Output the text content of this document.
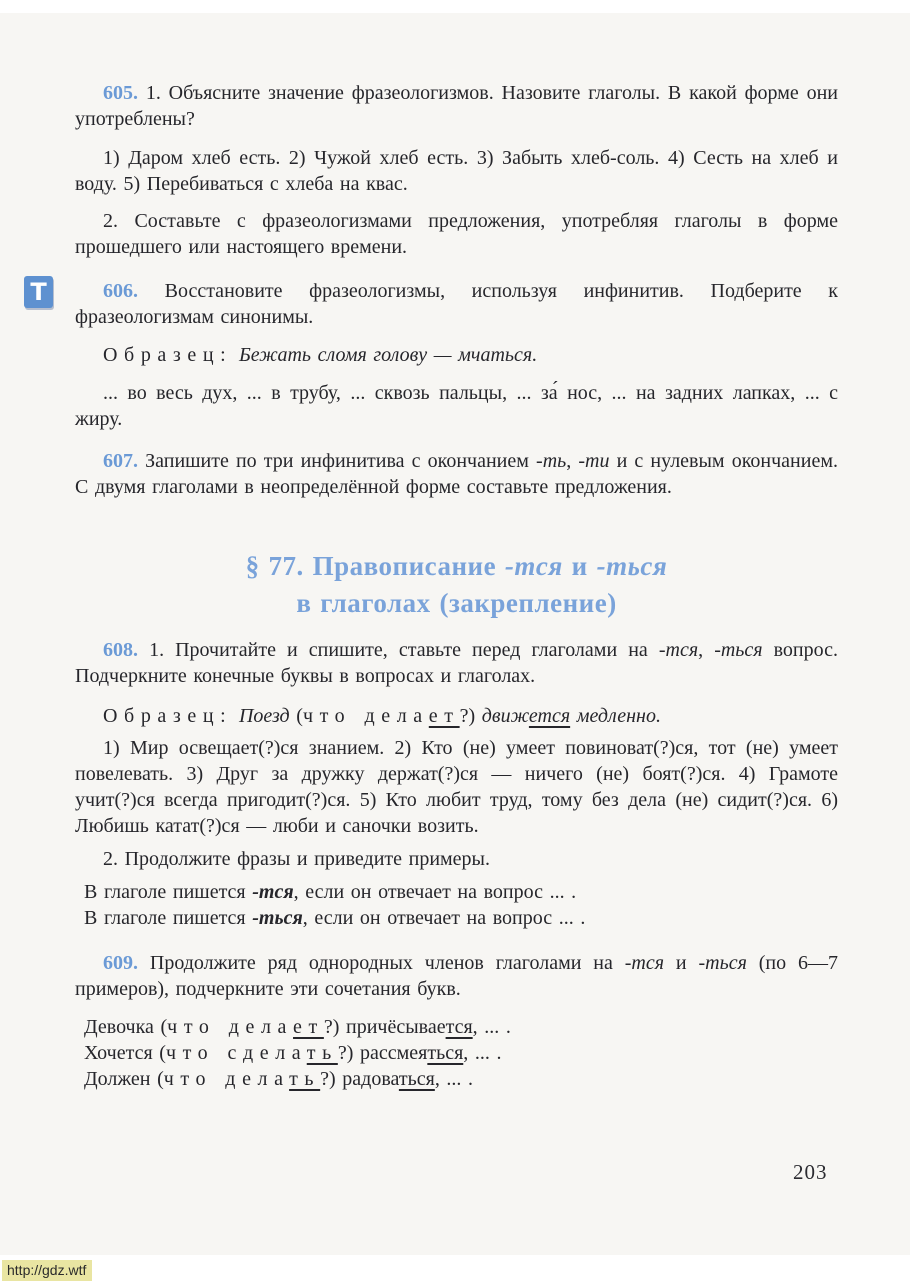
Т

605. 1. Объясните значение фразеологизмов. Назовите глаголы. В какой форме они употреблены?

1) Даром хлеб есть. 2) Чужой хлеб есть. 3) Забыть хлеб-соль. 4) Сесть на хлеб и воду. 5) Перебиваться с хлеба на квас.

2. Составьте с фразеологизмами предложения, употребляя глаголы в форме прошедшего или настоящего времени.

606. Восстановите фразеологизмы, используя инфинитив. Подберите к фразеологизмам синонимы.

Образец: Бежать сломя голову — мчаться.

... во весь дух, ... в трубу, ... сквозь пальцы, ... за́ нос, ... на задних лапках, ... с жиру.

607. Запишите по три инфинитива с окончанием -ть, -ти и с нулевым окончанием. С двумя глаголами в неопределённой форме составьте предложения.

§ 77. Правописание -тся и -ться
в глаголах (закрепление)

608. 1. Прочитайте и спишите, ставьте перед глаголами на -тся, -ться вопрос. Подчеркните конечные буквы в вопросах и глаголах.

Образец: Поезд (что делает?) движется медленно.

1) Мир освещает(?)ся знанием. 2) Кто (не) умеет повиноват(?)ся, тот (не) умеет повелевать. 3) Друг за дружку держат(?)ся — ничего (не) боят(?)ся. 4) Грамоте учит(?)ся всегда пригодит(?)ся. 5) Кто любит труд, тому без дела (не) сидит(?)ся. 6) Любишь катат(?)ся — люби и саночки возить.

2. Продолжите фразы и приведите примеры.

В глаголе пишется -тся, если он отвечает на вопрос ... .

В глаголе пишется -ться, если он отвечает на вопрос ... .

609. Продолжите ряд однородных членов глаголами на -тся и -ться (по 6—7 примеров), подчеркните эти сочетания букв.

Девочка (что делает?) причёсывается, ... .

Хочется (что сделать?) рассмеяться, ... .

Должен (что делать?) радоваться, ... .

203
http://gdz.wtf
